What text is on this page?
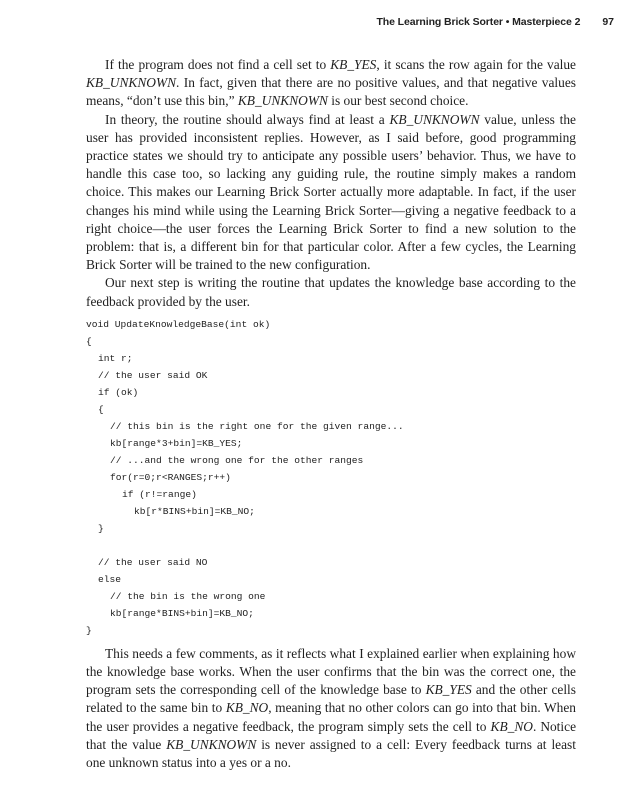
The Learning Brick Sorter • Masterpiece 2 97

If the program does not find a cell set to KB_YES, it scans the row again for the value KB_UNKNOWN. In fact, given that there are no positive values, and that negative values means, “don’t use this bin,” KB_UNKNOWN is our best second choice.

In theory, the routine should always find at least a KB_UNKNOWN value, unless the user has provided inconsistent replies. However, as I said before, good programming practice states we should try to anticipate any possible users’ behavior. Thus, we have to handle this case too, so lacking any guiding rule, the routine simply makes a random choice. This makes our Learning Brick Sorter actually more adaptable. In fact, if the user changes his mind while using the Learning Brick Sorter—giving a negative feedback to a right choice—the user forces the Learning Brick Sorter to find a new solution to the problem: that is, a different bin for that particular color. After a few cycles, the Learning Brick Sorter will be trained to the new configuration.

Our next step is writing the routine that updates the knowledge base according to the feedback provided by the user.

void UpdateKnowledgeBase(int ok)
{
int r;
// the user said OK
if (ok)
{
// this bin is the right one for the given range...
kb[range*3+bin]=KB_YES;
// ...and the wrong one for the other ranges
for(r=0;r<RANGES;r++)
if (r!=range)
kb[r*BINS+bin]=KB_NO;
}
// the user said NO
else
// the bin is the wrong one
kb[range*BINS+bin]=KB_NO;
}

This needs a few comments, as it reflects what I explained earlier when explaining how the knowledge base works. When the user confirms that the bin was the correct one, the program sets the corresponding cell of the knowledge base to KB_YES and the other cells related to the same bin to KB_NO, meaning that no other colors can go into that bin. When the user provides a negative feedback, the program simply sets the cell to KB_NO. Notice that the value KB_UNKNOWN is never assigned to a cell: Every feedback turns at least one unknown status into a yes or a no.
